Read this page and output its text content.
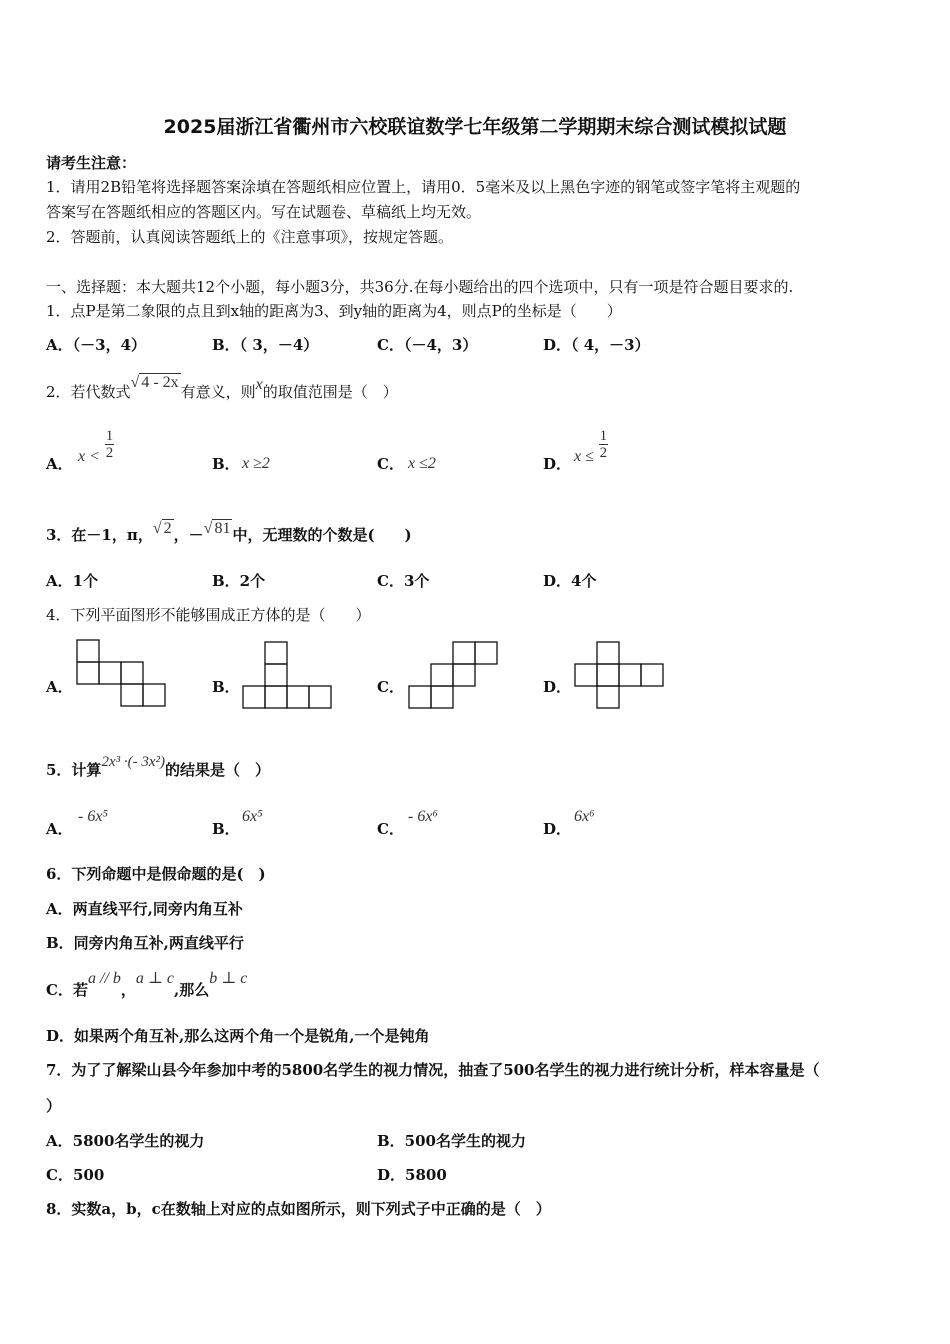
2025届浙江省衢州市六校联谊数学七年级第二学期期末综合测试模拟试题
请考生注意：
1．请用2B铅笔将选择题答案涂填在答题纸相应位置上，请用0．5毫米及以上黑色字迹的钢笔或签字笔将主观题的
答案写在答题纸相应的答题区内。写在试题卷、草稿纸上均无效。
2．答题前，认真阅读答题纸上的《注意事项》，按规定答题。
一、选择题：本大题共12个小题，每小题3分，共36分.在每小题给出的四个选项中，只有一项是符合题目要求的.
1．点P是第二象限的点且到x轴的距离为3、到y轴的距离为4，则点P的坐标是（　　）
A．（－3，4）	B．（ 3，－4）	C．（－4，3）	D．（ 4，－3）
2．若代数式√ 4 - 2x有意义，则x的取值范围是（　）
A． $x < \frac{1}{2}$
B． x ≥2	C． x ≤2	D． $x \le \frac{1}{2}$
3．在－1，π，√ 2 ，－√ 81 中，无理数的个数是(　　)
A．1个	B．2个	C．3个	D．4个
4．下列平面图形不能够围成正方体的是（　　）
A．	B．	C．	D．
5．计算2x³ ·(- 3x²)的结果是（　）
A．
- 6x⁵
B．
6x⁵
C．
- 6x⁶
D．
6x⁶
6．下列命题中是假命题的是(　)
A．两直线平行,同旁内角互补
B．同旁内角互补,两直线平行
C．若a // b，a ⊥ c,那么b ⊥ c
D．如果两个角互补,那么这两个角一个是锐角,一个是钝角
7．为了了解梁山县今年参加中考的5800名学生的视力情况，抽查了500名学生的视力进行统计分析，样本容量是（
）
A．5800名学生的视力	B．500名学生的视力
C．500	D．5800
8．实数a，b，c在数轴上对应的点如图所示，则下列式子中正确的是（　）
